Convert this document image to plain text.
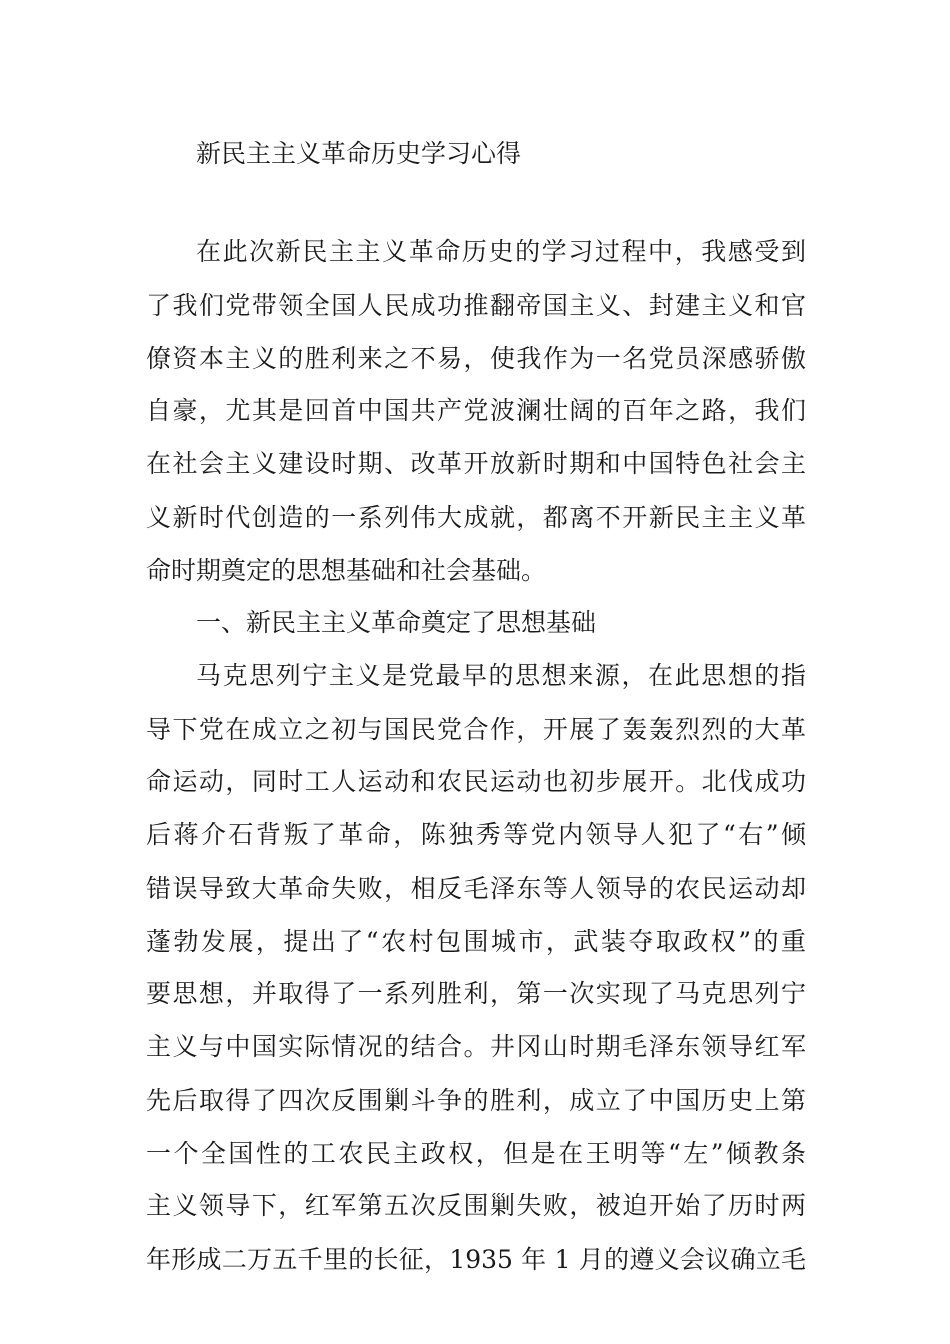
新民主主义革命历史学习心得
在此次新民主主义革命历史的学习过程中，我感受到
了我们党带领全国人民成功推翻帝国主义、封建主义和官
僚资本主义的胜利来之不易，使我作为一名党员深感骄傲
自豪，尤其是回首中国共产党波澜壮阔的百年之路，我们
在社会主义建设时期、改革开放新时期和中国特色社会主
义新时代创造的一系列伟大成就，都离不开新民主主义革
命时期奠定的思想基础和社会基础。
一、新民主主义革命奠定了思想基础
马克思列宁主义是党最早的思想来源，在此思想的指
导下党在成立之初与国民党合作，开展了轰轰烈烈的大革
命运动，同时工人运动和农民运动也初步展开。北伐成功
后蒋介石背叛了革命，陈独秀等党内领导人犯了“右”倾
错误导致大革命失败，相反毛泽东等人领导的农民运动却
蓬勃发展，提出了“农村包围城市，武装夺取政权”的重
要思想，并取得了一系列胜利，第一次实现了马克思列宁
主义与中国实际情况的结合。井冈山时期毛泽东领导红军
先后取得了四次反围剿斗争的胜利，成立了中国历史上第
一个全国性的工农民主政权，但是在王明等“左”倾教条
主义领导下，红军第五次反围剿失败，被迫开始了历时两
年形成二万五千里的长征，1935 年 1 月的遵义会议确立毛
